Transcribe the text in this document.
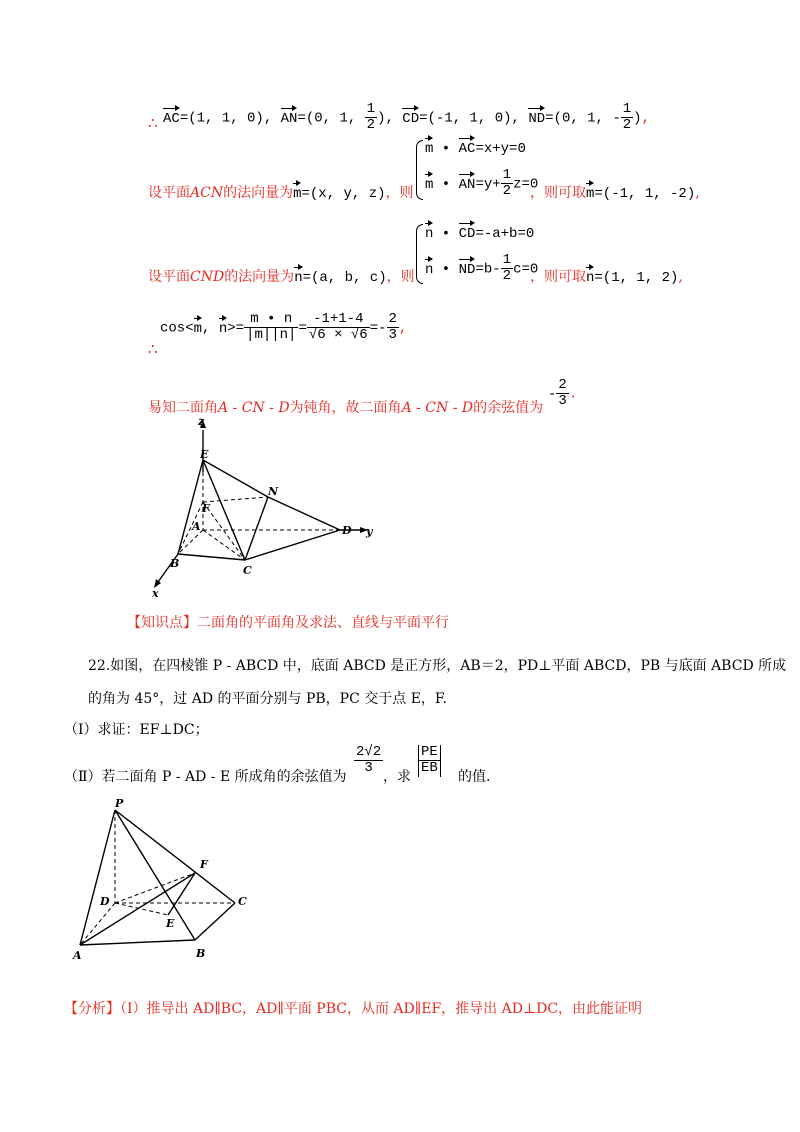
∴ AC=(1, 1, 0), AN=(0, 1, $\frac{1}{2}$ ), CD=(-1, 1, 0), ND=(0, 1, - $\frac{1}{2}$ ),
m • AC=x+y=0
m • $AN=y+ \frac{1}{2} z=0$
设平面ACN的法向量为m=(x, y, z)，则	，则可取m=(-1, 1, -2),
n • CD=-a+b=0
n • $ND=b- \frac{1}{2} c=0$
设平面CND的法向量为n=(a, b, c)，则	，则可取n=(1, 1, 2),
∴
cos<m, $n>= \frac{m • n}{|m||n|} = \frac{-1+1-4}{√6 \times √6} =- \frac{2}{3}$ ,
易知二面角A - CN - D为钝角，故二面角A - CN - D的余弦值为
- $\frac{2}{3}$ .
z
E
N
F
A	D y
B
C
x
【知识点】二面角的平面角及求法、直线与平面平行
22.如图，在四棱锥 P - ABCD 中，底面 ABCD 是正方形，AB＝2，PD⊥平面 ABCD，PB 与底面 ABCD 所成
的角为 45°，过 AD 的平面分别与 PB，PC 交于点 E，F.
（Ⅰ）求证：EF⊥DC；
（Ⅱ）若二面角 P - AD - E 所成角的余弦值为
$\frac{2√2}{3}$
，求
$\frac{PE}{EB}$
的值.
P
F
D	C
E
A	B
【分析】（Ⅰ）推导出 AD∥BC，AD∥平面 PBC，从而 AD∥EF，推导出 AD⊥DC，由此能证明
